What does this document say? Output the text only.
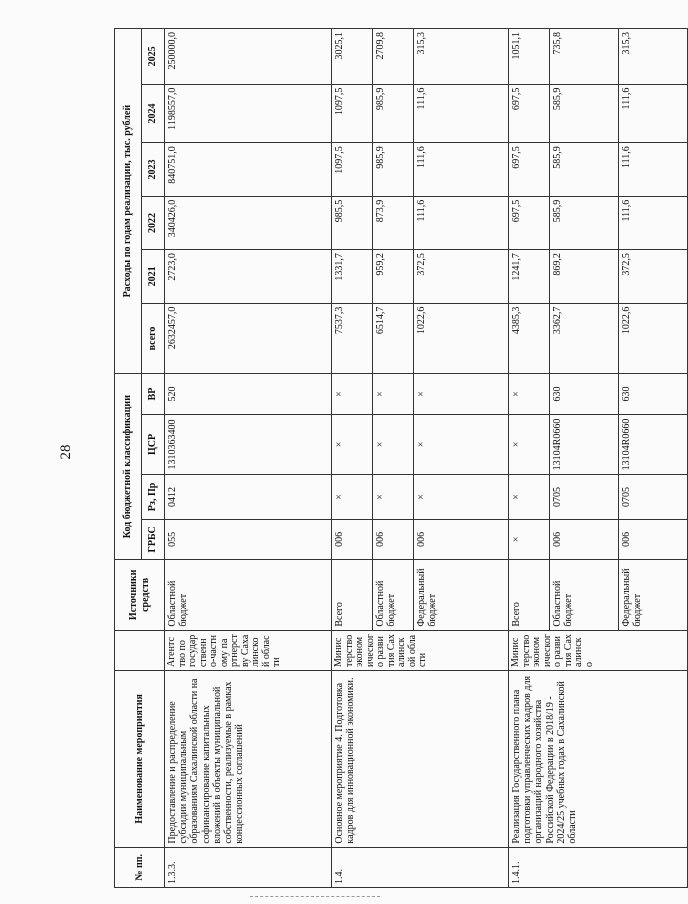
28
№ пп.	Наименование мероприятия		Источники средств	Код бюджетной классификации				Расходы по годам реализации, тыс. рублей					
				ГРБС	Рз, Пр	ЦСР	ВР	всего	2021	2022	2023	2024	2025
1.3.3.	Предоставление и распределение субсидии муниципальным образованиям Сахалинской области на софинансирование капитальных вложений в объекты муниципальной собственности, реализуемые в рамках концессионных соглашений	Агентство по государственно-частному партнерству Сахалинской области	Областной бюджет	055	0412	1310363400	520	2632457,0	2723,0	340426,0	840751,0	1198557,0	250000,0
1.4.	Основное мероприятие 4. Подготовка кадров для инновационной экономики.	Министерство экономического развития Сахалинской области	Всего	006	×	×	×	7537,3	1331,7	985,5	1097,5	1097,5	3025,1
			Областной бюджет	006	×	×	×	6514,7	959,2	873,9	985,9	985,9	2709,8
			Федеральный бюджет	006	×	×	×	1022,6	372,5	111,6	111,6	111,6	315,3
1.4.1.	Реализация Государственного плана подготовки управленческих кадров для организаций народного хозяйства Российской Федерации в 2018/19 - 2024/25 учебных годах в Сахалинской области	Министерство экономического развития Сахалинско	Всего	×	×	×	×	4385,3	1241,7	697,5	697,5	697,5	1051,1
			Областной бюджет	006	0705	13104R0660	630	3362,7	869,2	585,9	585,9	585,9	735,8
			Федеральный бюджет	006	0705	13104R0660	630	1022,6	372,5	111,6	111,6	111,6	315,3
